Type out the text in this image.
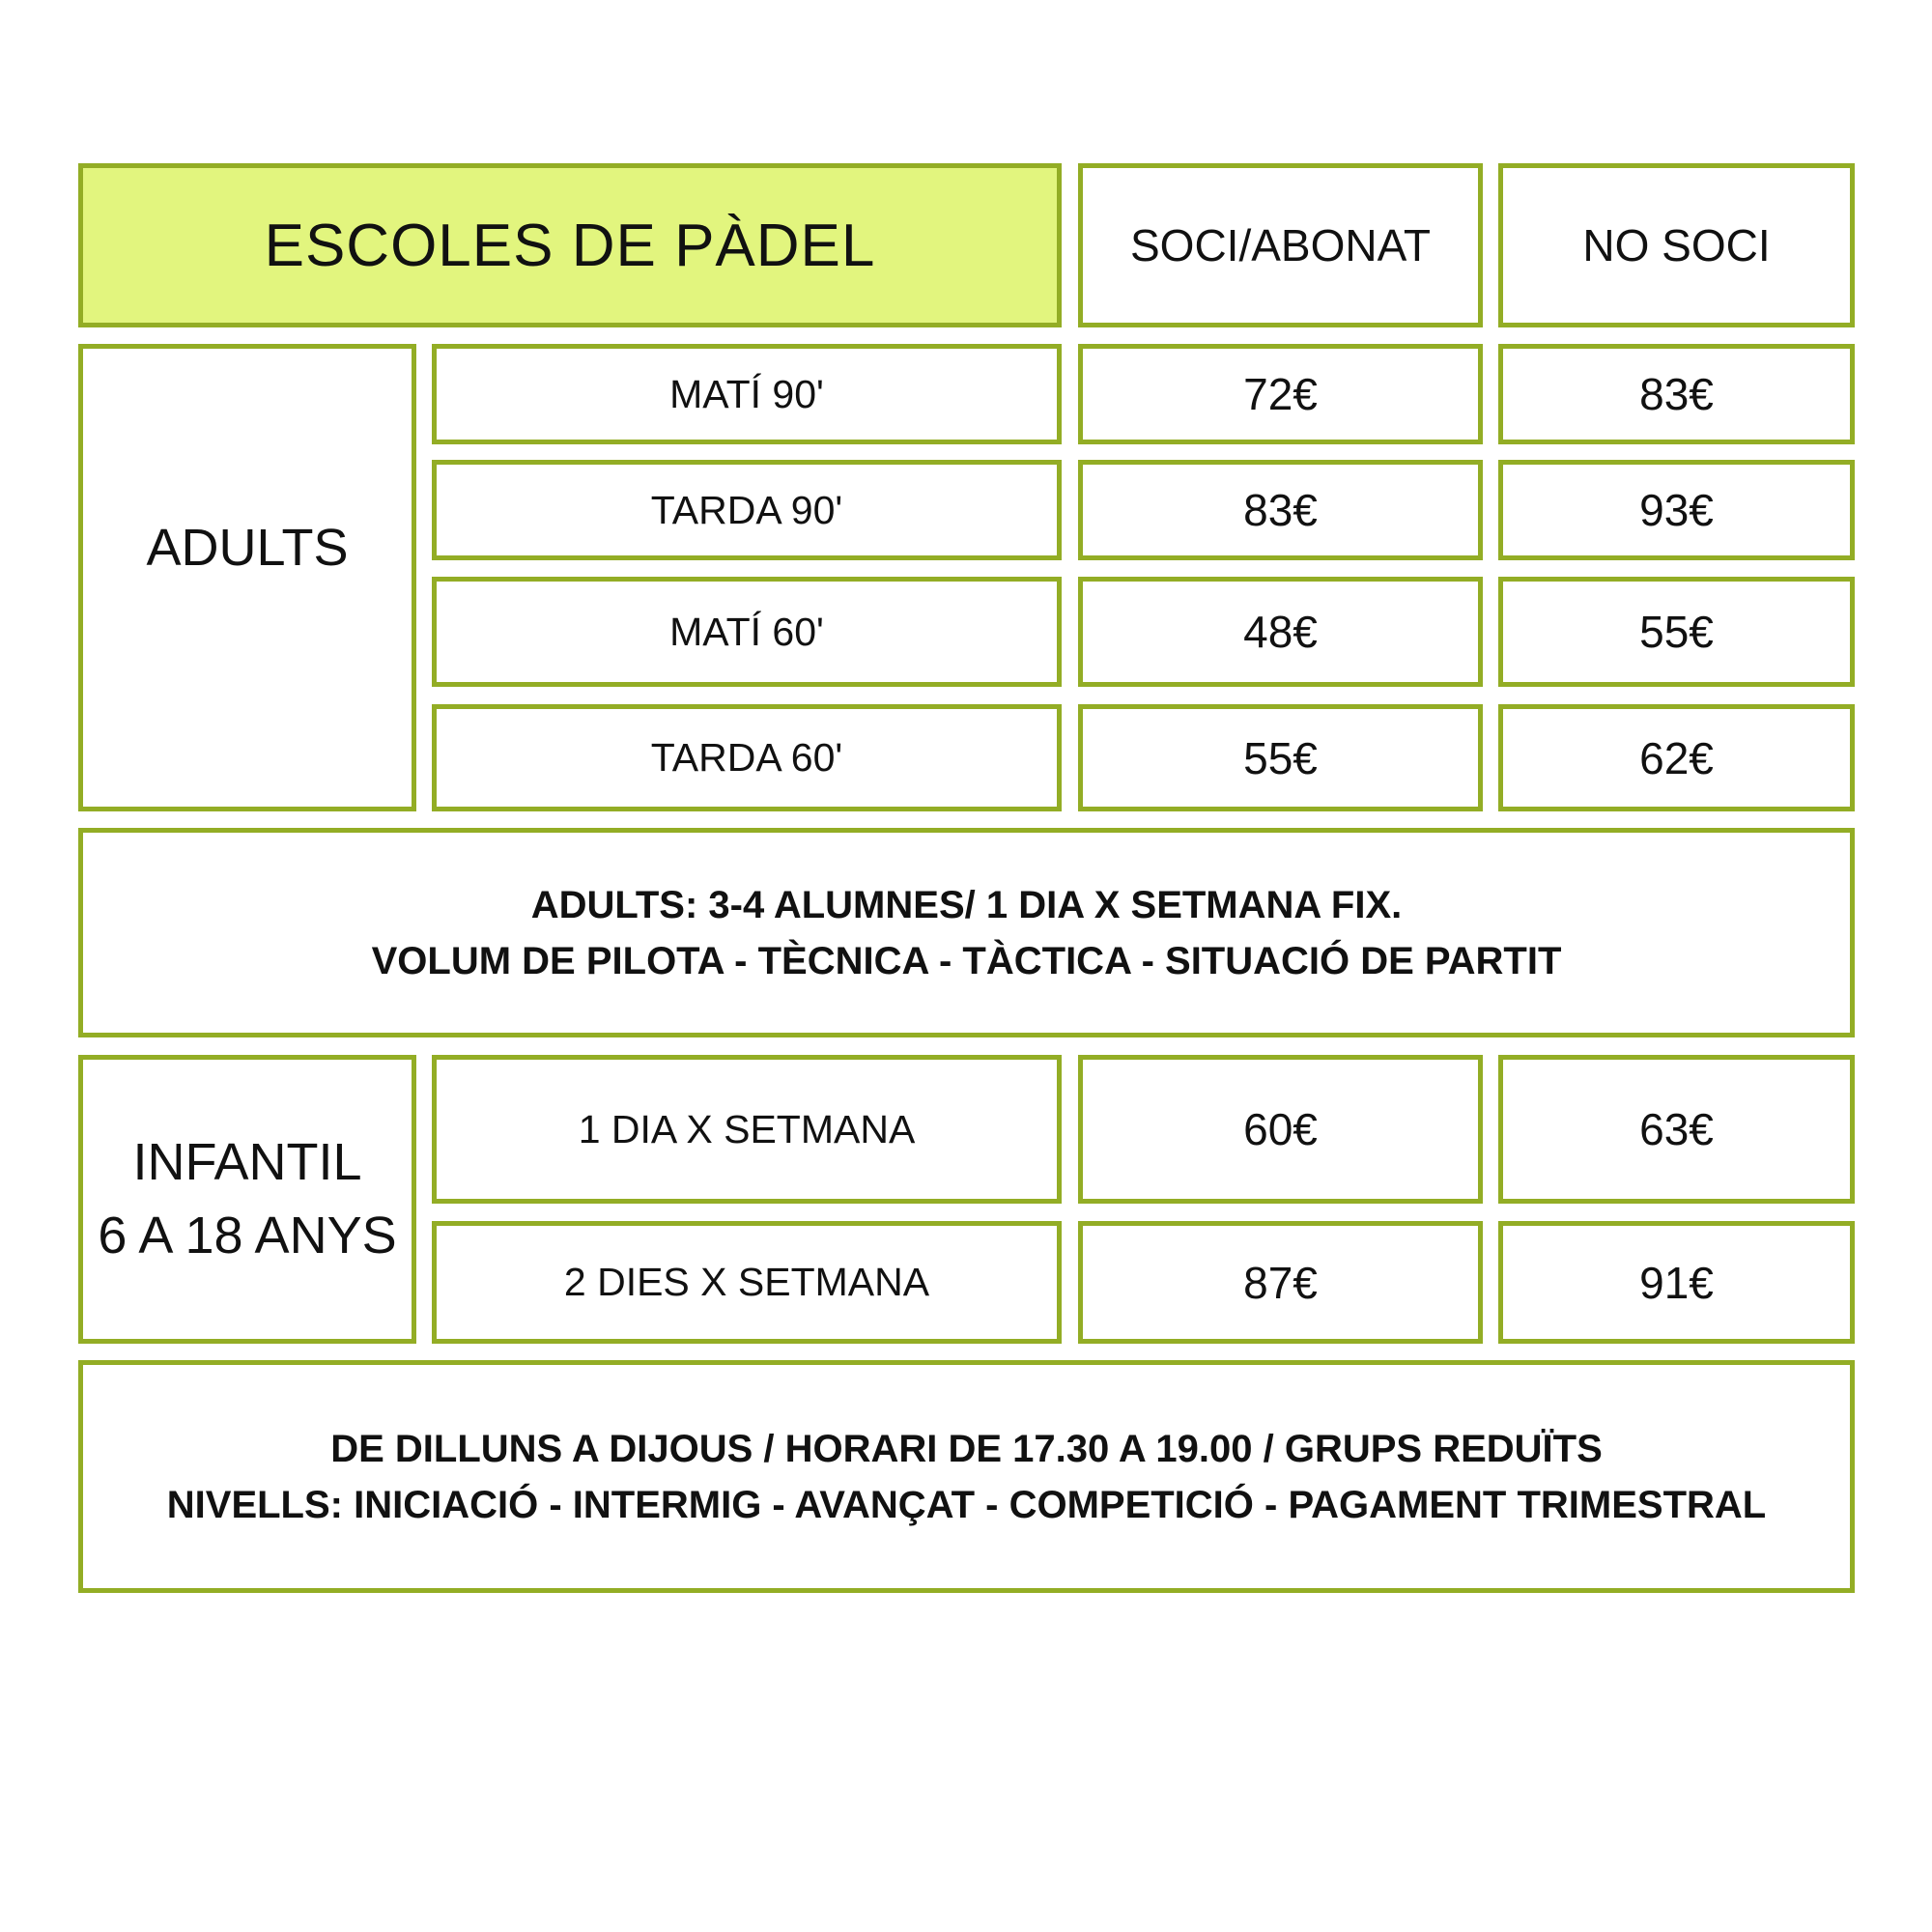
ESCOLES DE PÀDEL	SOCI/ABONAT	NO SOCI
ADULTS
MATÍ 90'	72€	83€
TARDA 90'	83€	93€
MATÍ 60'	48€	55€
TARDA 60'	55€	62€
ADULTS: 3-4 ALUMNES/ 1 DIA X SETMANA FIX.
VOLUM DE PILOTA - TÈCNICA - TÀCTICA - SITUACIÓ DE PARTIT
INFANTIL
6 A 18 ANYS
1 DIA X SETMANA	60€	63€
2 DIES X SETMANA	87€	91€
DE DILLUNS A DIJOUS / HORARI DE 17.30 A 19.00 / GRUPS REDUÏTS
NIVELLS: INICIACIÓ - INTERMIG - AVANÇAT - COMPETICIÓ - PAGAMENT TRIMESTRAL
